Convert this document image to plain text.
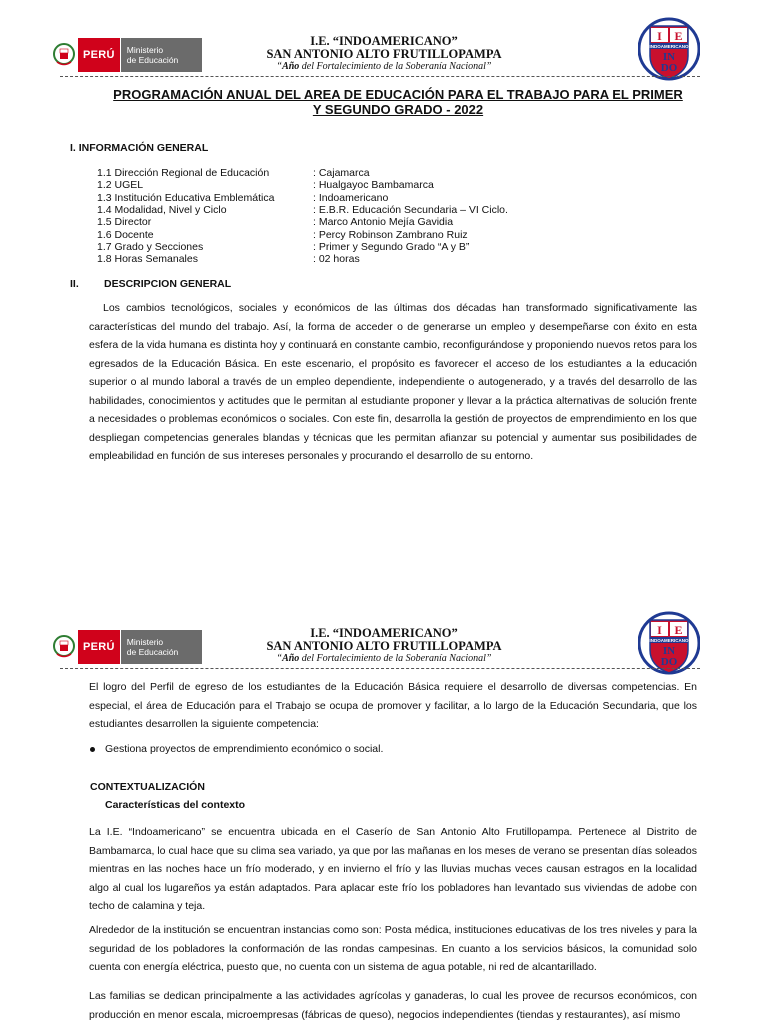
PERÚ	Ministerio
de Educación
I.E. “INDOAMERICANO”
SAN ANTONIO ALTO FRUTILLOPAMPA
“Año del Fortalecimiento de la Soberanía Nacional”
I E
INDOAMERICANO
IN
DO
PROGRAMACIÓN ANUAL DEL AREA DE EDUCACIÓN PARA EL TRABAJO PARA EL PRIMER
Y SEGUNDO GRADO - 2022
I. INFORMACIÓN GENERAL
II. DESCRIPCION GENERAL
Los cambios tecnológicos, sociales y económicos de las últimas dos décadas han transformado significativamente las características del mundo del trabajo. Así, la forma de acceder o de generarse un empleo y desempeñarse con éxito en esta esfera de la vida humana es distinta hoy y continuará en constante cambio, reconfigurándose y proponiendo nuevos retos para los egresados de la Educación Básica. En este escenario, el propósito es favorecer el acceso de los estudiantes a la educación superior o al mundo laboral a través de un empleo dependiente, independiente o autogenerado, y a través del desarrollo de las habilidades, conocimientos y actitudes que le permitan al estudiante proponer y llevar a la práctica alternativas de solución frente a necesidades o problemas económicos o sociales. Con este fin, desarrolla la gestión de proyectos de emprendimiento en los que despliegan competencias generales blandas y técnicas que les permitan afianzar su potencial y aumentar sus posibilidades de empleabilidad en función de sus intereses personales y procurando el desarrollo de su entorno.
1.1 Dirección Regional de Educación	: Cajamarca
1.2 UGEL	: Hualgayoc Bambamarca
1.3 Institución Educativa Emblemática	: Indoamericano
1.4 Modalidad, Nivel y Ciclo	: E.B.R. Educación Secundaria – VI Ciclo.
1.5 Director	: Marco Antonio Mejía Gavidia
1.6 Docente	: Percy Robinson Zambrano Ruiz
1.7 Grado y Secciones	: Primer y Segundo Grado “A y B”
1.8 Horas Semanales	: 02 horas
PERÚ	Ministerio
de Educación
I.E. “INDOAMERICANO”
SAN ANTONIO ALTO FRUTILLOPAMPA
“Año del Fortalecimiento de la Soberanía Nacional”
I E
INDOAMERICANO
IN
DO
El logro del Perfil de egreso de los estudiantes de la Educación Básica requiere el desarrollo de diversas competencias. En especial, el área de Educación para el Trabajo se ocupa de promover y facilitar, a lo largo de la Educación Secundaria, que los estudiantes desarrollen la siguiente competencia:
Gestiona proyectos de emprendimiento económico o social.
CONTEXTUALIZACIÓN
Características del contexto
La I.E. “Indoamericano” se encuentra ubicada en el Caserío de San Antonio Alto Frutillopampa. Pertenece al Distrito de Bambamarca, lo cual hace que su clima sea variado, ya que por las mañanas en los meses de verano se presentan días soleados mientras en las noches hace un frío moderado, y en invierno el frío y las lluvias muchas veces causan estragos en la localidad algo al cual los lugareños ya están adaptados. Para aplacar este frío los pobladores han levantado sus viviendas de adobe con techo de calamina y teja.
Alrededor de la institución se encuentran instancias como son: Posta médica, instituciones educativas de los tres niveles y para la seguridad de los pobladores la conformación de las rondas campesinas. En cuanto a los servicios básicos, la comunidad solo cuenta con energía eléctrica, puesto que, no cuenta con un sistema de agua potable, ni red de alcantarillado.
Las familias se dedican principalmente a las actividades agrícolas y ganaderas, lo cual les provee de recursos económicos, con producción en menor escala, microempresas (fábricas de queso), negocios independientes (tiendas y restaurantes), así mismo
